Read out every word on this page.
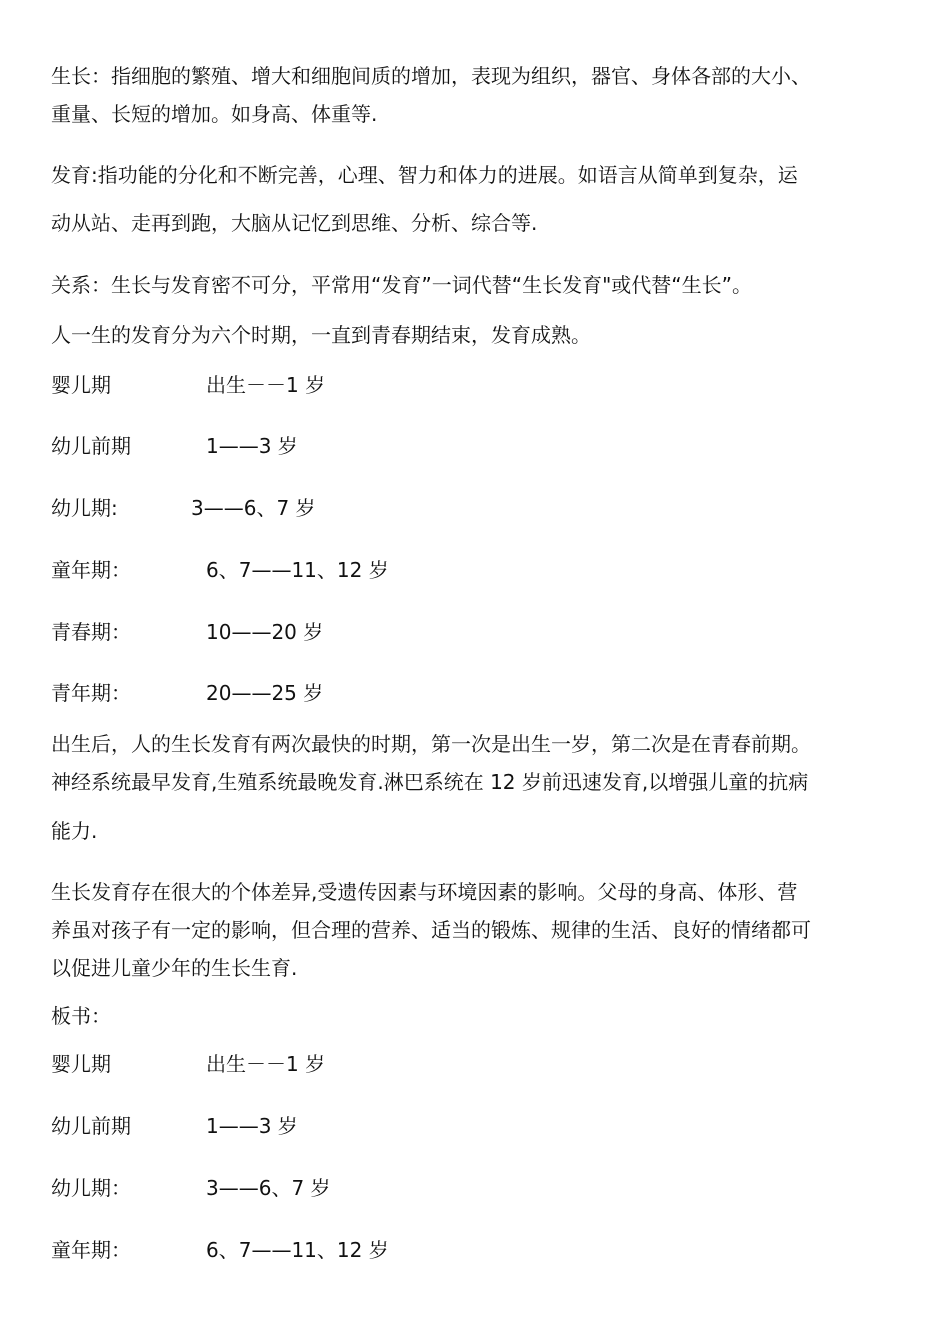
生长：指细胞的繁殖、增大和细胞间质的增加，表现为组织，器官、身体各部的大小、
重量、长短的增加。如身高、体重等.
发育:指功能的分化和不断完善，心理、智力和体力的进展。如语言从简单到复杂，运
动从站、走再到跑，大脑从记忆到思维、分析、综合等.
关系：生长与发育密不可分，平常用“发育”一词代替“生长发育"或代替“生长”。
人一生的发育分为六个时期，一直到青春期结束，发育成熟。
婴儿期	出生－－1 岁
幼儿前期	1——3 岁
幼儿期:	3——6、7 岁
童年期：	6、7——11、12 岁
青春期：	10——20 岁
青年期：	20——25 岁
出生后，人的生长发育有两次最快的时期，第一次是出生一岁，第二次是在青春前期。
神经系统最早发育,生殖系统最晚发育.淋巴系统在 12 岁前迅速发育,以增强儿童的抗病
能力.
生长发育存在很大的个体差异,受遗传因素与环境因素的影响。父母的身高、体形、营
养虽对孩子有一定的影响，但合理的营养、适当的锻炼、规律的生活、良好的情绪都可
以促进儿童少年的生长生育.
板书：
婴儿期	出生－－1 岁
幼儿前期	1——3 岁
幼儿期：	3——6、7 岁
童年期：	6、7——11、12 岁
